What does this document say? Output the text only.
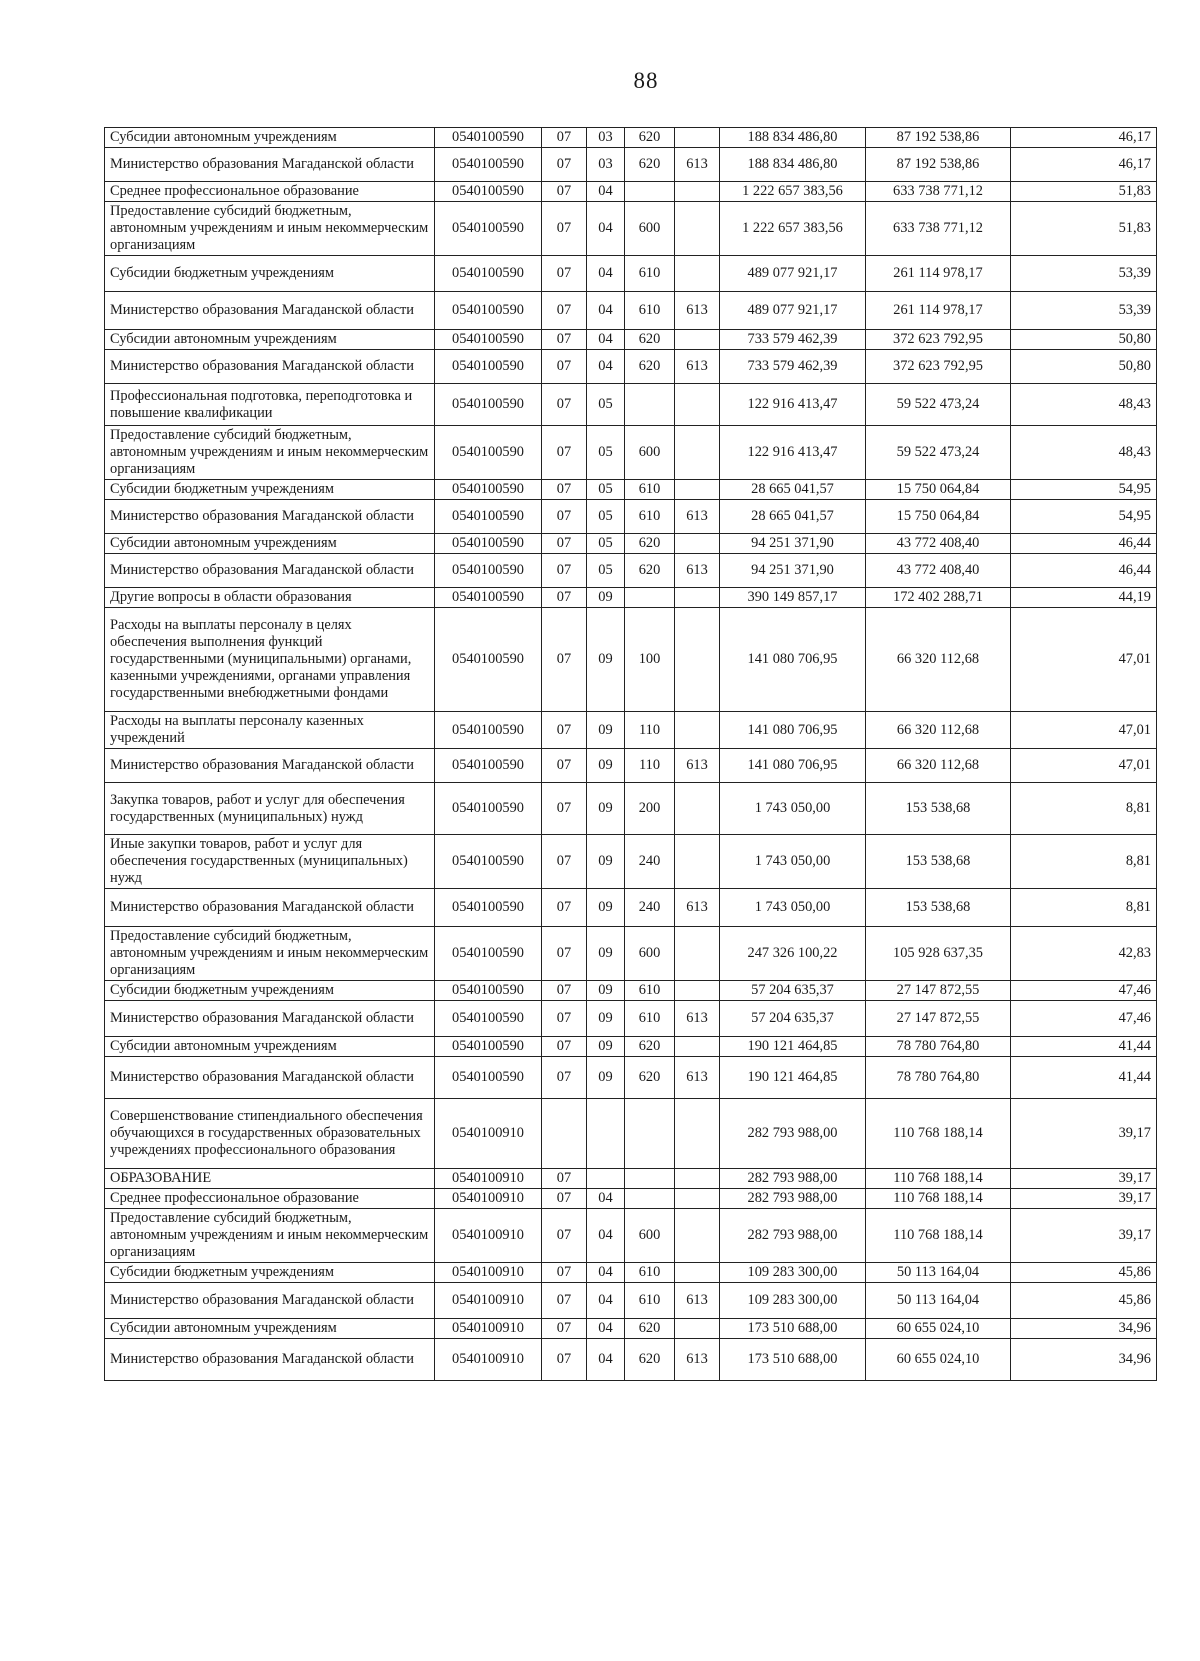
88
Субсидии автономным учреждениям	0540100590	07	03	620		188 834 486,80	87 192 538,86	46,17
Министерство образования Магаданской области	0540100590	07	03	620	613	188 834 486,80	87 192 538,86	46,17
Среднее профессиональное образование	0540100590	07	04			1 222 657 383,56	633 738 771,12	51,83
Предоставление субсидий бюджетным, автономным учреждениям и иным некоммерческим организациям	0540100590	07	04	600		1 222 657 383,56	633 738 771,12	51,83
Субсидии бюджетным учреждениям	0540100590	07	04	610		489 077 921,17	261 114 978,17	53,39
Министерство образования Магаданской области	0540100590	07	04	610	613	489 077 921,17	261 114 978,17	53,39
Субсидии автономным учреждениям	0540100590	07	04	620		733 579 462,39	372 623 792,95	50,80
Министерство образования Магаданской области	0540100590	07	04	620	613	733 579 462,39	372 623 792,95	50,80
Профессиональная подготовка, переподготовка и повышение квалификации	0540100590	07	05			122 916 413,47	59 522 473,24	48,43
Предоставление субсидий бюджетным, автономным учреждениям и иным некоммерческим организациям	0540100590	07	05	600		122 916 413,47	59 522 473,24	48,43
Субсидии бюджетным учреждениям	0540100590	07	05	610		28 665 041,57	15 750 064,84	54,95
Министерство образования Магаданской области	0540100590	07	05	610	613	28 665 041,57	15 750 064,84	54,95
Субсидии автономным учреждениям	0540100590	07	05	620		94 251 371,90	43 772 408,40	46,44
Министерство образования Магаданской области	0540100590	07	05	620	613	94 251 371,90	43 772 408,40	46,44
Другие вопросы в области образования	0540100590	07	09			390 149 857,17	172 402 288,71	44,19
Расходы на выплаты персоналу в целях обеспечения выполнения функций государственными (муниципальными) органами, казенными учреждениями, органами управления государственными внебюджетными фондами	0540100590	07	09	100		141 080 706,95	66 320 112,68	47,01
Расходы на выплаты персоналу казенных учреждений	0540100590	07	09	110		141 080 706,95	66 320 112,68	47,01
Министерство образования Магаданской области	0540100590	07	09	110	613	141 080 706,95	66 320 112,68	47,01
Закупка товаров, работ и услуг для обеспечения государственных (муниципальных) нужд	0540100590	07	09	200		1 743 050,00	153 538,68	8,81
Иные закупки товаров, работ и услуг для обеспечения государственных (муниципальных) нужд	0540100590	07	09	240		1 743 050,00	153 538,68	8,81
Министерство образования Магаданской области	0540100590	07	09	240	613	1 743 050,00	153 538,68	8,81
Предоставление субсидий бюджетным, автономным учреждениям и иным некоммерческим организациям	0540100590	07	09	600		247 326 100,22	105 928 637,35	42,83
Субсидии бюджетным учреждениям	0540100590	07	09	610		57 204 635,37	27 147 872,55	47,46
Министерство образования Магаданской области	0540100590	07	09	610	613	57 204 635,37	27 147 872,55	47,46
Субсидии автономным учреждениям	0540100590	07	09	620		190 121 464,85	78 780 764,80	41,44
Министерство образования Магаданской области	0540100590	07	09	620	613	190 121 464,85	78 780 764,80	41,44
Совершенствование стипендиального обеспечения обучающихся в государственных образовательных учреждениях профессионального образования	0540100910					282 793 988,00	110 768 188,14	39,17
ОБРАЗОВАНИЕ	0540100910	07				282 793 988,00	110 768 188,14	39,17
Среднее профессиональное образование	0540100910	07	04			282 793 988,00	110 768 188,14	39,17
Предоставление субсидий бюджетным, автономным учреждениям и иным некоммерческим организациям	0540100910	07	04	600		282 793 988,00	110 768 188,14	39,17
Субсидии бюджетным учреждениям	0540100910	07	04	610		109 283 300,00	50 113 164,04	45,86
Министерство образования Магаданской области	0540100910	07	04	610	613	109 283 300,00	50 113 164,04	45,86
Субсидии автономным учреждениям	0540100910	07	04	620		173 510 688,00	60 655 024,10	34,96
Министерство образования Магаданской области	0540100910	07	04	620	613	173 510 688,00	60 655 024,10	34,96
